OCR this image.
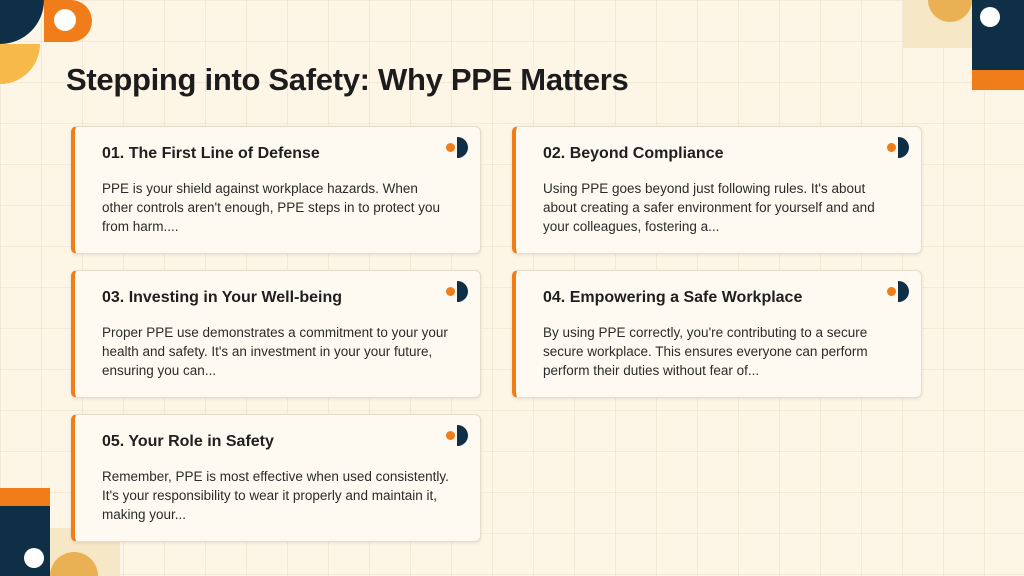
Stepping into Safety: Why PPE Matters
01. The First Line of Defense

PPE is your shield against workplace hazards. When other controls aren't enough, PPE steps in to protect you from harm....

02. Beyond Compliance

Using PPE goes beyond just following rules. It's about about creating a safer environment for yourself and and your colleagues, fostering a...

03. Investing in Your Well-being

Proper PPE use demonstrates a commitment to your your health and safety. It's an investment in your your future, ensuring you can...

04. Empowering a Safe Workplace

By using PPE correctly, you're contributing to a secure secure workplace. This ensures everyone can perform perform their duties without fear of...

05. Your Role in Safety

Remember, PPE is most effective when used consistently. It's your responsibility to wear it properly and maintain it, making your...
